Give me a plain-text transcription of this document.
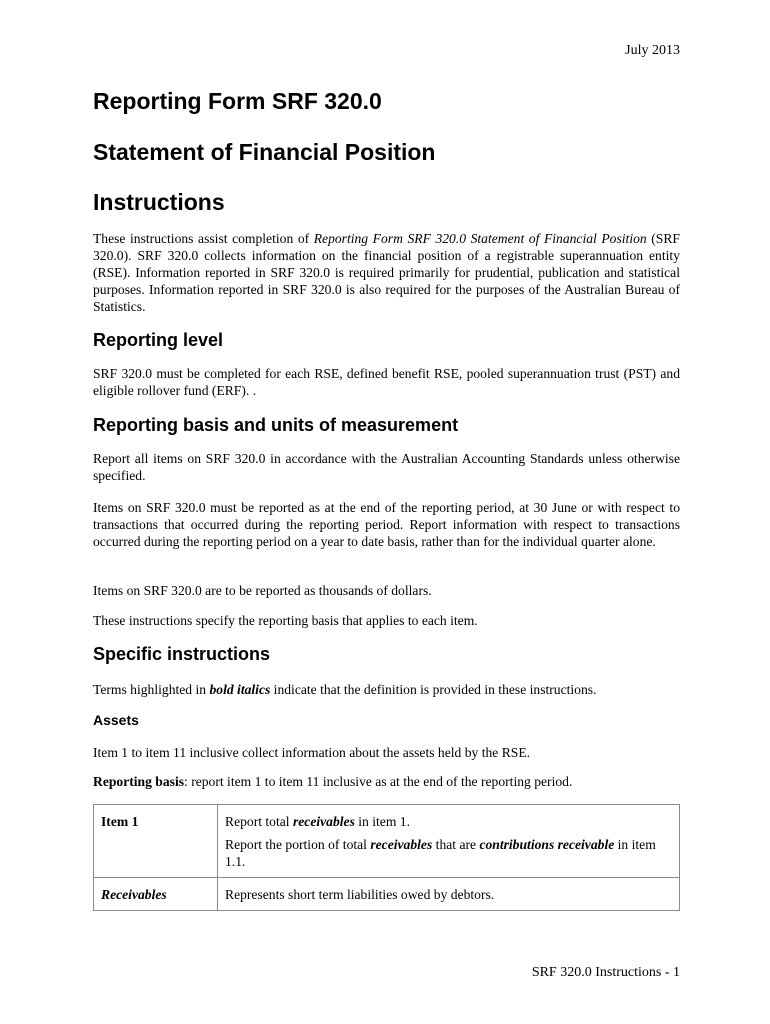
July 2013
Reporting Form SRF 320.0
Statement of Financial Position
Instructions

These instructions assist completion of Reporting Form SRF 320.0 Statement of Financial Position (SRF 320.0). SRF 320.0 collects information on the financial position of a registrable superannuation entity (RSE). Information reported in SRF 320.0 is required primarily for prudential, publication and statistical purposes. Information reported in SRF 320.0 is also required for the purposes of the Australian Bureau of Statistics.

Reporting level

SRF 320.0 must be completed for each RSE, defined benefit RSE, pooled superannuation trust (PST) and eligible rollover fund (ERF). .

Reporting basis and units of measurement

Report all items on SRF 320.0 in accordance with the Australian Accounting Standards unless otherwise specified.

Items on SRF 320.0 must be reported as at the end of the reporting period, at 30 June or with respect to transactions that occurred during the reporting period. Report information with respect to transactions occurred during the reporting period on a year to date basis, rather than for the individual quarter alone.

Items on SRF 320.0 are to be reported as thousands of dollars.

These instructions specify the reporting basis that applies to each item.

Specific instructions

Terms highlighted in bold italics indicate that the definition is provided in these instructions.

Assets

Item 1 to item 11 inclusive collect information about the assets held by the RSE.

Reporting basis: report item 1 to item 11 inclusive as at the end of the reporting period.

Item 1	Report total receivables in item 1.

Report the portion of total receivables that are contributions receivable in item 1.1.

Receivables	Represents short term liabilities owed by debtors.
SRF 320.0 Instructions - 1
